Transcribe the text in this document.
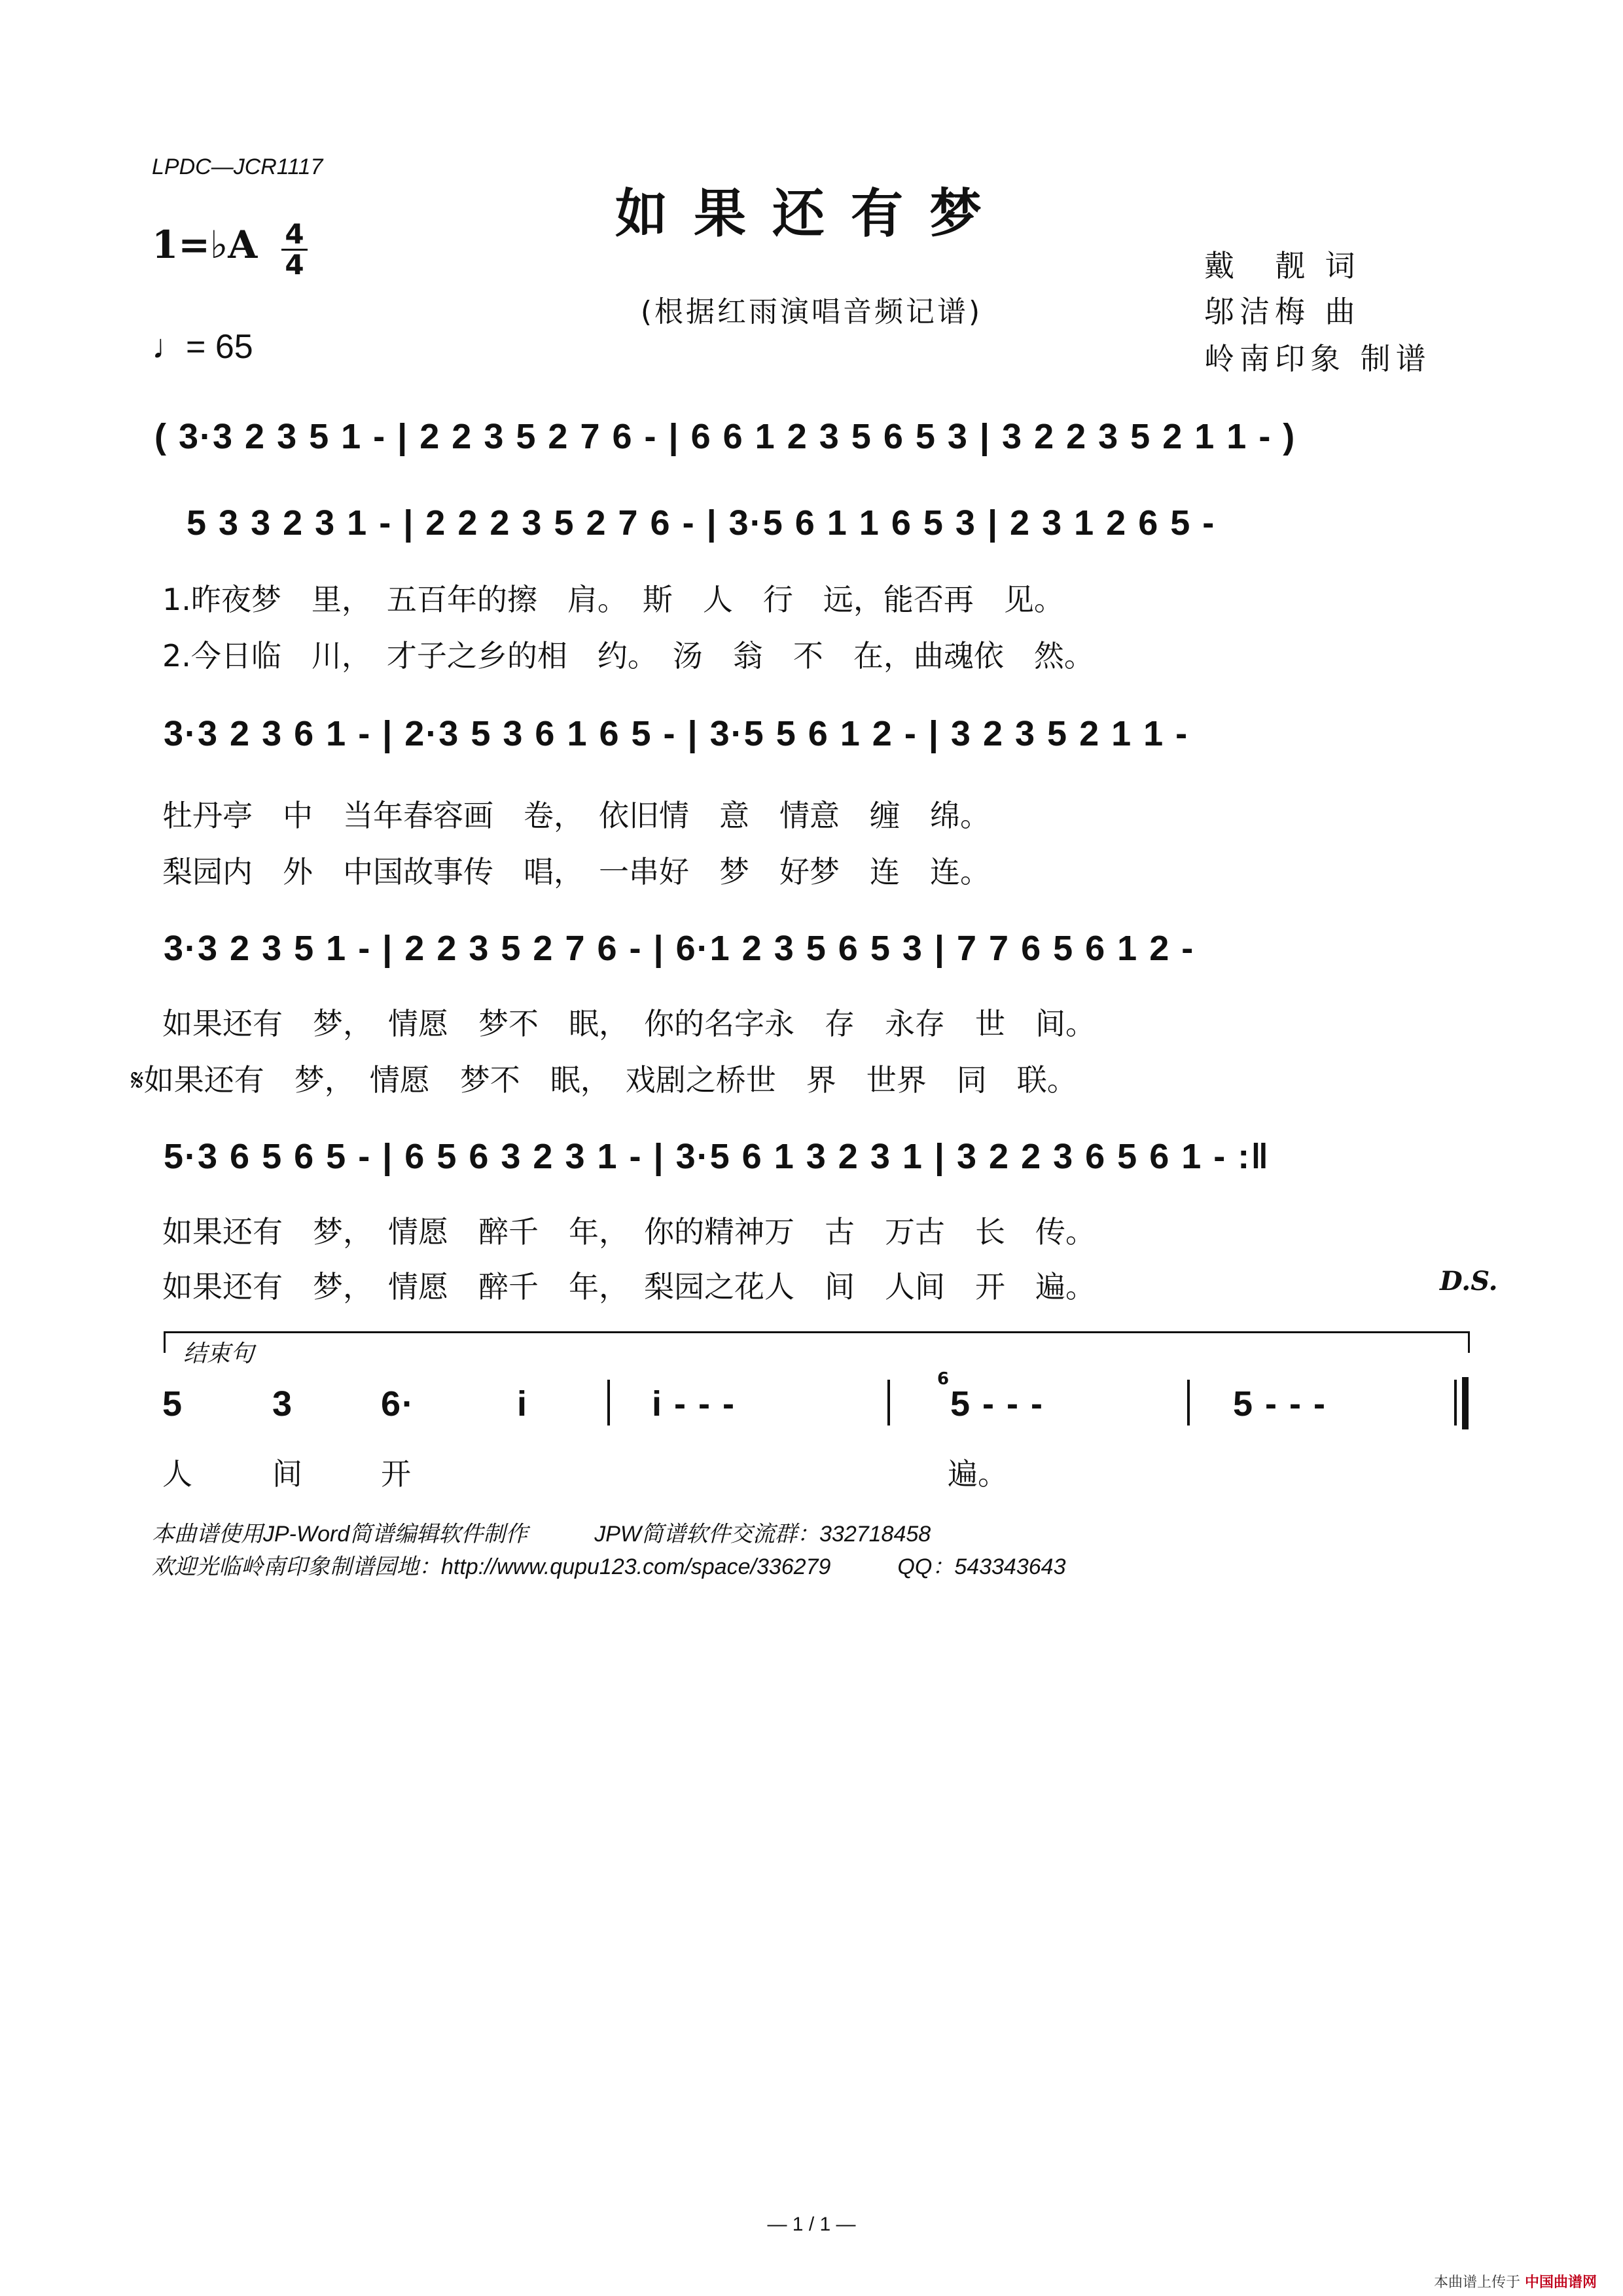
LPDC—JCR1117
如果还有梦
(根据红雨演唱音频记谱)
1=♭A 4
4
♩= 65
戴　靓 词
邬洁梅 曲
岭南印象 制谱
( 3·3 2 3 5 1 - | 2 2 3 5 2 7 6 - | 6 6 1 2 3 5 6 5 3 | 3 2 2 3 5 2 1 1 - )
5 3 3 2 3 1 - | 2 2 2 3 5 2 7 6 - | 3·5 6 1 1 6 5 3 | 2 3 1 2 6 5 -
1.昨夜梦　里，　五百年的擦　肩。　斯　人　行　远，能否再　见。
2.今日临　川，　才子之乡的相　约。　汤　翁　不　在，曲魂依　然。
3·3 2 3 6 1 - | 2·3 5 3 6 1 6 5 - | 3·5 5 6 1 2 - | 3 2 3 5 2 1 1 -
牡丹亭　中　当年春容画　卷，　依旧情　意　情意　缠　绵。
梨园内　外　中国故事传　唱，　一串好　梦　好梦　连　连。
3·3 2 3 5 1 - | 2 2 3 5 2 7 6 - | 6·1 2 3 5 6 5 3 | 7 7 6 5 6 1 2 -
如果还有　梦，　情愿　梦不　眠，　你的名字永　存　永存　世　间。
𝄋如果还有　梦，　情愿　梦不　眠，　戏剧之桥世　界　世界　同　联。
5·3 6 5 6 5 - | 6 5 6 3 2 3 1 - | 3·5 6 1 3 2 3 1 | 3 2 2 3 6 5 6 1 - :‖
如果还有　梦，　情愿　醉千　年，　你的精神万　古　万古　长　传。
如果还有　梦，　情愿　醉千　年，　梨园之花人　间　人间　开　遍。	D.S.
结束句
5	3 6·	i	i - - -
6
5 - - -	5 - - -
人	间	开	遍。
本曲谱使用JP-Word简谱编辑软件制作　　　JPW简谱软件交流群：332718458
欢迎光临岭南印象制谱园地：http://www.qupu123.com/space/336279　　　QQ：543343643
— 1 / 1 —
本曲谱上传于 中国曲谱网
